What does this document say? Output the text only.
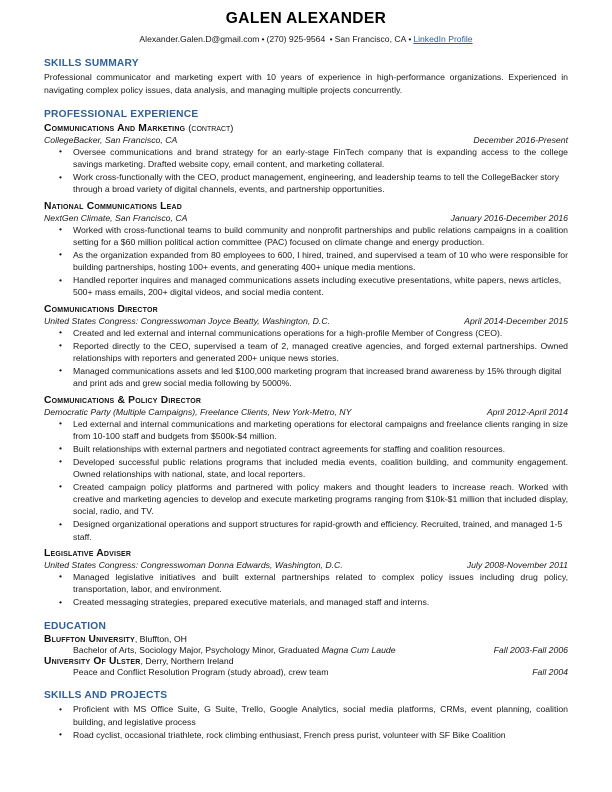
GALEN ALEXANDER
Alexander.Galen.D@gmail.com • (270) 925-9564 • San Francisco, CA • LinkedIn Profile
SKILLS SUMMARY

Professional communicator and marketing expert with 10 years of experience in high-performance organizations. Experienced in navigating complex policy issues, data analysis, and managing multiple projects concurrently.

PROFESSIONAL EXPERIENCE
Communications And Marketing (contract)
CollegeBacker, San Francisco, CA	December 2016-Present
• Oversee communications and brand strategy for an early-stage FinTech company that is expanding access to the college savings marketing. Drafted website copy, email content, and marketing collateral.
• Work cross-functionally with the CEO, product management, engineering, and leadership teams to tell the CollegeBacker story through a broad variety of digital channels, events, and partnership opportunities.
National Communications Lead
NextGen Climate, San Francisco, CA	January 2016-December 2016
• Worked with cross-functional teams to build community and nonprofit partnerships and public relations campaigns in a coalition setting for a $60 million political action committee (PAC) focused on climate change and energy production.
• As the organization expanded from 80 employees to 600, I hired, trained, and supervised a team of 10 who were responsible for building partnerships, hosting 100+ events, and generating 400+ unique media mentions.
• Handled reporter inquires and managed communications assets including executive presentations, white papers, news articles, 500+ mass emails, 200+ digital videos, and social media content.
Communications Director
United States Congress: Congresswoman Joyce Beatty, Washington, D.C.	April 2014-December 2015
• Created and led external and internal communications operations for a high-profile Member of Congress (CEO).
• Reported directly to the CEO, supervised a team of 2, managed creative agencies, and forged external partnerships. Owned relationships with reporters and generated 200+ unique news stories.
• Managed communications assets and led $100,000 marketing program that increased brand awareness by 15% through digital and print ads and grew social media following by 5000%.
Communications & Policy Director
Democratic Party (Multiple Campaigns), Freelance Clients, New York-Metro, NY	April 2012-April 2014
• Led external and internal communications and marketing operations for electoral campaigns and freelance clients ranging in size from 10-100 staff and budgets from $500k-$4 million.
• Built relationships with external partners and negotiated contract agreements for staffing and coalition resources.
• Developed successful public relations programs that included media events, coalition building, and community engagement. Owned relationships with national, state, and local reporters.
• Created campaign policy platforms and partnered with policy makers and thought leaders to increase reach. Worked with creative and marketing agencies to develop and execute marketing programs ranging from $10k-$1 million that included display, social, radio, and TV.
• Designed organizational operations and support structures for rapid-growth and efficiency. Recruited, trained, and managed 1-5 staff.
Legislative Adviser
United States Congress: Congresswoman Donna Edwards, Washington, D.C.	July 2008-November 2011
• Managed legislative initiatives and built external partnerships related to complex policy issues including drug policy, transportation, labor, and environment.
• Created messaging strategies, prepared executive materials, and managed staff and interns.
EDUCATION
Bluffton University, Bluffton, OH
Bachelor of Arts, Sociology Major, Psychology Minor, Graduated Magna Cum Laude	Fall 2003-Fall 2006
University Of Ulster, Derry, Northern Ireland
Peace and Conflict Resolution Program (study abroad), crew team	Fall 2004
SKILLS AND PROJECTS
• Proficient with MS Office Suite, G Suite, Trello, Google Analytics, social media platforms, CRMs, event planning, coalition building, and legislative process
• Road cyclist, occasional triathlete, rock climbing enthusiast, French press purist, volunteer with SF Bike Coalition
